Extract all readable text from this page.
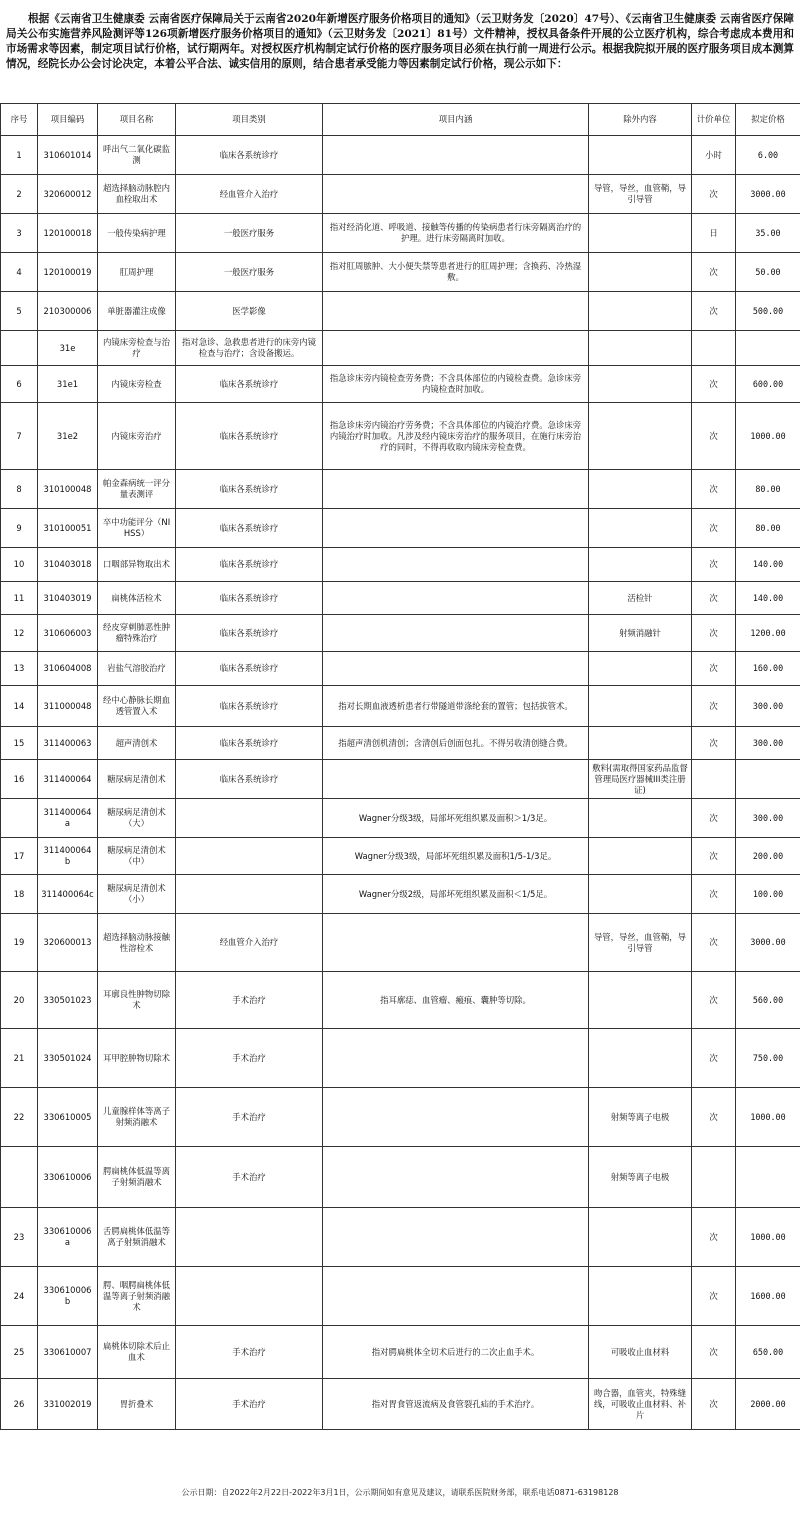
根据《云南省卫生健康委 云南省医疗保障局关于云南省2020年新增医疗服务价格项目的通知》（云卫财务发〔2020〕47号）、《云南省卫生健康委 云南省医疗保障局关公布实施营养风险测评等126项新增医疗服务价格项目的通知》（云卫财务发〔2021〕81号）文件精神，授权具备条件开展的公立医疗机构，综合考虑成本费用和市场需求等因素，制定项目试行价格，试行期两年。对授权医疗机构制定试行价格的医疗服务项目必须在执行前一周进行公示。根据我院拟开展的医疗服务项目成本测算情况，经院长办公会讨论决定，本着公平合法、诚实信用的原则，结合患者承受能力等因素制定试行价格，现公示如下：
序号	项目编码	项目名称	项目类别	项目内涵	除外内容	计价单位	拟定价格
1	310601014	呼出气二氧化碳监测	临床各系统诊疗			小时	6.00
2	320600012	超选择脑动脉腔内血栓取出术	经血管介入治疗		导管，导丝，血管鞘，导引导管	次	3000.00
3	120100018	一般传染病护理	一般医疗服务	指对经消化道、呼吸道、接触等传播的传染病患者行床旁隔离治疗的护理。进行床旁隔离时加收。		日	35.00
4	120100019	肛周护理	一般医疗服务	指对肛周脓肿、大小便失禁等患者进行的肛周护理；含换药、冷热湿敷。		次	50.00
5	210300006	单脏器灌注成像	医学影像			次	500.00
	31e	内镜床旁检查与治疗	指对急诊、急救患者进行的床旁内镜检查与治疗；含设备搬运。				
6	31e1	内镜床旁检查	临床各系统诊疗	指急诊床旁内镜检查劳务费；不含具体部位的内镜检查费。急诊床旁内镜检查时加收。		次	600.00
7	31e2	内镜床旁治疗	临床各系统诊疗	指急诊床旁内镜治疗劳务费；不含具体部位的内镜治疗费。急诊床旁内镜治疗时加收。凡涉及经内镜床旁治疗的服务项目，在施行床旁治疗的同时，不得再收取内镜床旁检查费。		次	1000.00
8	310100048	帕金森病统一评分量表测评	临床各系统诊疗			次	80.00
9	310100051	卒中功能评分（NIHSS）	临床各系统诊疗			次	80.00
10	310403018	口咽部异物取出术	临床各系统诊疗			次	140.00
11	310403019	扁桃体活检术	临床各系统诊疗		活检针	次	140.00
12	310606003	经皮穿刺肺恶性肿瘤特殊治疗	临床各系统诊疗		射频消融针	次	1200.00
13	310604008	岩盐气溶胶治疗	临床各系统诊疗			次	160.00
14	311000048	经中心静脉长期血透管置入术	临床各系统诊疗	指对长期血液透析患者行带隧道带涤纶套的置管；包括拔管术。		次	300.00
15	311400063	超声清创术	临床各系统诊疗	指超声清创机清创；含清创后创面包扎。不得另收清创缝合费。		次	300.00
16	311400064	糖尿病足清创术	临床各系统诊疗		敷料(需取得国家药品监督管理局医疗器械III类注册证)		
	311400064a	糖尿病足清创术（大）		Wagner分级3级，局部坏死组织累及面积＞1/3足。		次	300.00
17	311400064b	糖尿病足清创术（中）		Wagner分级3级，局部坏死组织累及面积1/5-1/3足。		次	200.00
18	311400064c	糖尿病足清创术（小）		Wagner分级2级，局部坏死组织累及面积＜1/5足。		次	100.00
19	320600013	超选择脑动脉接触性溶栓术	经血管介入治疗		导管，导丝，血管鞘，导引导管	次	3000.00
20	330501023	耳廓良性肿物切除术	手术治疗	指耳廓痣、血管瘤、瘢痕、囊肿等切除。		次	560.00
21	330501024	耳甲腔肿物切除术	手术治疗			次	750.00
22	330610005	儿童腺样体等离子射频消融术	手术治疗		射频等离子电极	次	1000.00
	330610006	腭扁桃体低温等离子射频消融术	手术治疗		射频等离子电极		
23	330610006a	舌腭扁桃体低温等离子射频消融术				次	1000.00
24	330610006b	腭、咽腭扁桃体低温等离子射频消融术				次	1600.00
25	330610007	扁桃体切除术后止血术	手术治疗	指对腭扁桃体全切术后进行的二次止血手术。	可吸收止血材料	次	650.00
26	331002019	胃折叠术	手术治疗	指对胃食管返流病及食管裂孔疝的手术治疗。	吻合器，血管夹，特殊缝线，可吸收止血材料、补片	次	2000.00
公示日期：自2022年2月22日-2022年3月1日，公示期间如有意见及建议，请联系医院财务部，联系电话0871-63198128
